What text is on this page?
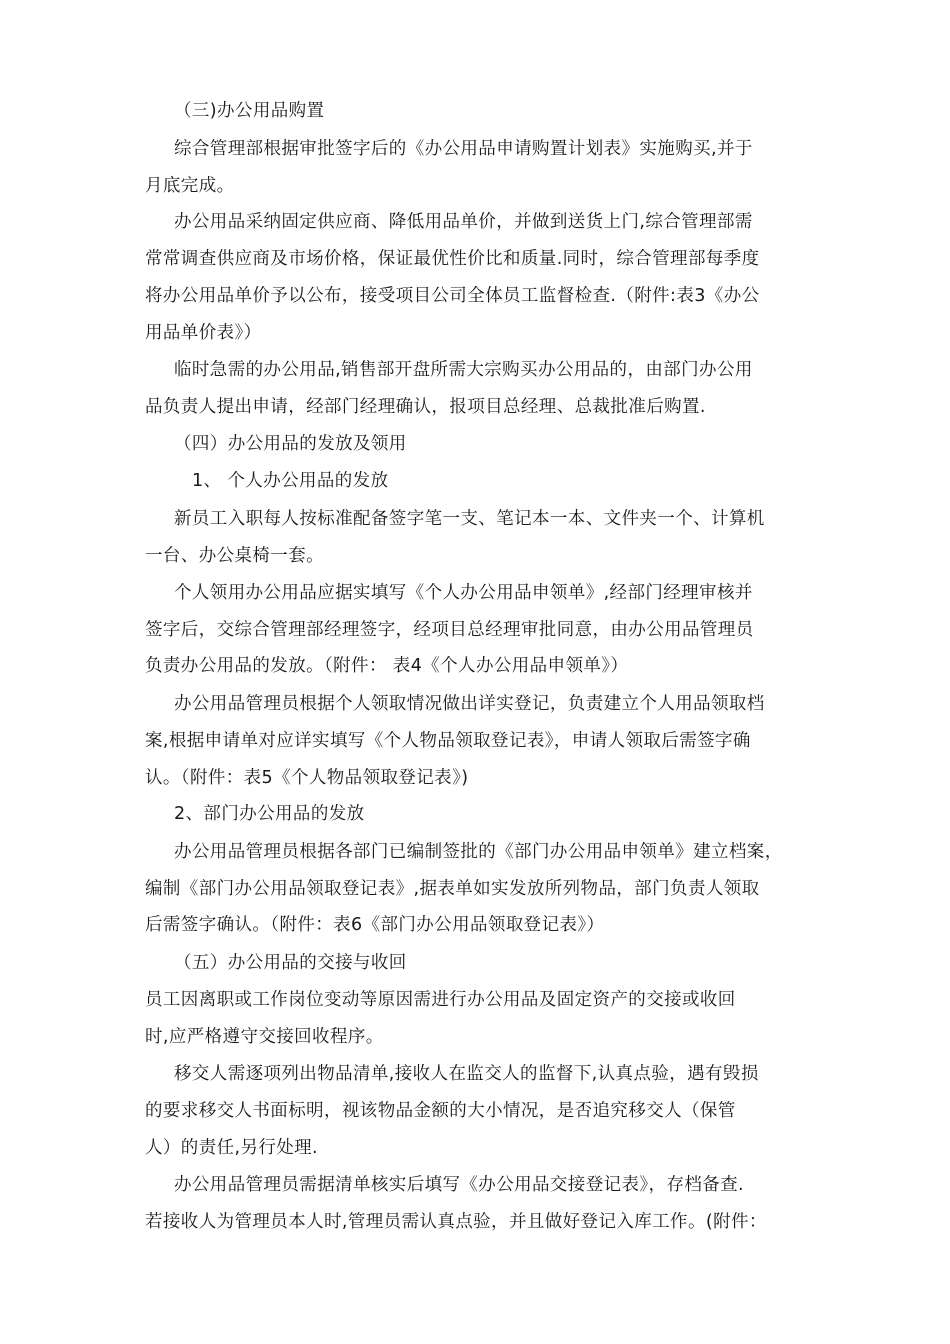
（三)办公用品购置
综合管理部根据审批签字后的《办公用品申请购置计划表》实施购买,并于
月底完成。
办公用品采纳固定供应商、降低用品单价，并做到送货上门,综合管理部需
常常调查供应商及市场价格，保证最优性价比和质量.同时，综合管理部每季度
将办公用品单价予以公布，接受项目公司全体员工监督检查.（附件:表3《办公
用品单价表》）
临时急需的办公用品,销售部开盘所需大宗购买办公用品的，由部门办公用
品负责人提出申请，经部门经理确认，报项目总经理、总裁批准后购置.
（四）办公用品的发放及领用
1、 个人办公用品的发放
新员工入职每人按标准配备签字笔一支、笔记本一本、文件夹一个、计算机
一台、办公桌椅一套。
个人领用办公用品应据实填写《个人办公用品申领单》,经部门经理审核并
签字后，交综合管理部经理签字，经项目总经理审批同意，由办公用品管理员
负责办公用品的发放。（附件： 表4《个人办公用品申领单》）
办公用品管理员根据个人领取情况做出详实登记，负责建立个人用品领取档
案,根据申请单对应详实填写《个人物品领取登记表》，申请人领取后需签字确
认。（附件：表5《个人物品领取登记表》)
2、部门办公用品的发放
办公用品管理员根据各部门已编制签批的《部门办公用品申领单》建立档案，
编制《部门办公用品领取登记表》,据表单如实发放所列物品，部门负责人领取
后需签字确认。（附件：表6《部门办公用品领取登记表》）
（五）办公用品的交接与收回
员工因离职或工作岗位变动等原因需进行办公用品及固定资产的交接或收回
时,应严格遵守交接回收程序。
移交人需逐项列出物品清单,接收人在监交人的监督下,认真点验，遇有毁损
的要求移交人书面标明，视该物品金额的大小情况，是否追究移交人（保管
人）的责任,另行处理.
办公用品管理员需据清单核实后填写《办公用品交接登记表》，存档备查.
若接收人为管理员本人时,管理员需认真点验，并且做好登记入库工作。(附件：
